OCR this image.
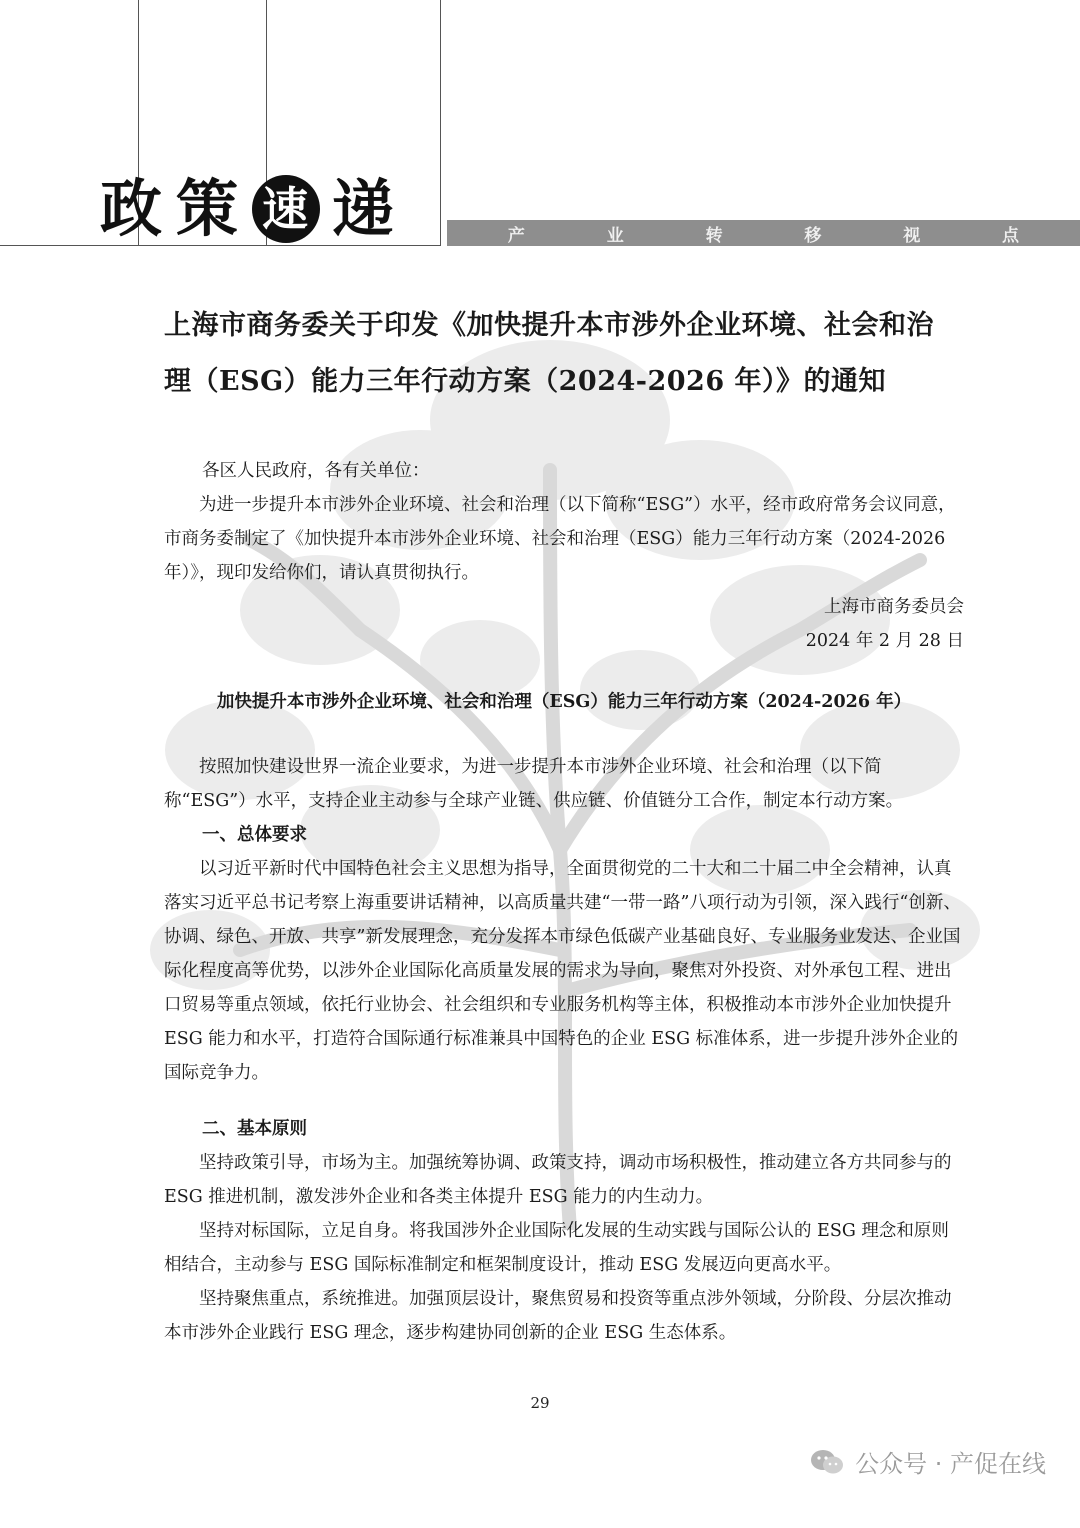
政 策 速 递	产	业	转	移	视	点
上海市商务委关于印发《加快提升本市涉外企业环境、社会和治
理（ESG）能力三年行动方案（2024-2026 年）》的通知

各区人民政府，各有关单位：

为进一步提升本市涉外企业环境、社会和治理（以下简称“ESG”）水平，经市政府常务会议同意，市商务委制定了《加快提升本市涉外企业环境、社会和治理（ESG）能力三年行动方案（2024-2026 年）》，现印发给你们，请认真贯彻执行。

上海市商务委员会

2024 年 2 月 28 日

加快提升本市涉外企业环境、社会和治理（ESG）能力三年行动方案（2024-2026 年）

按照加快建设世界一流企业要求，为进一步提升本市涉外企业环境、社会和治理（以下简称“ESG”）水平，支持企业主动参与全球产业链、供应链、价值链分工合作，制定本行动方案。

一、总体要求

以习近平新时代中国特色社会主义思想为指导，全面贯彻党的二十大和二十届二中全会精神，认真落实习近平总书记考察上海重要讲话精神，以高质量共建“一带一路”八项行动为引领，深入践行“创新、协调、绿色、开放、共享”新发展理念，充分发挥本市绿色低碳产业基础良好、专业服务业发达、企业国际化程度高等优势，以涉外企业国际化高质量发展的需求为导向，聚焦对外投资、对外承包工程、进出口贸易等重点领域，依托行业协会、社会组织和专业服务机构等主体，积极推动本市涉外企业加快提升 ESG 能力和水平，打造符合国际通行标准兼具中国特色的企业 ESG 标准体系，进一步提升涉外企业的国际竞争力。

二、基本原则

坚持政策引导，市场为主。加强统筹协调、政策支持，调动市场积极性，推动建立各方共同参与的 ESG 推进机制，激发涉外企业和各类主体提升 ESG 能力的内生动力。

坚持对标国际，立足自身。将我国涉外企业国际化发展的生动实践与国际公认的 ESG 理念和原则相结合，主动参与 ESG 国际标准制定和框架制度设计，推动 ESG 发展迈向更高水平。

坚持聚焦重点，系统推进。加强顶层设计，聚焦贸易和投资等重点涉外领域，分阶段、分层次推动本市涉外企业践行 ESG 理念，逐步构建协同创新的企业 ESG 生态体系。

29
公众号 · 产促在线
